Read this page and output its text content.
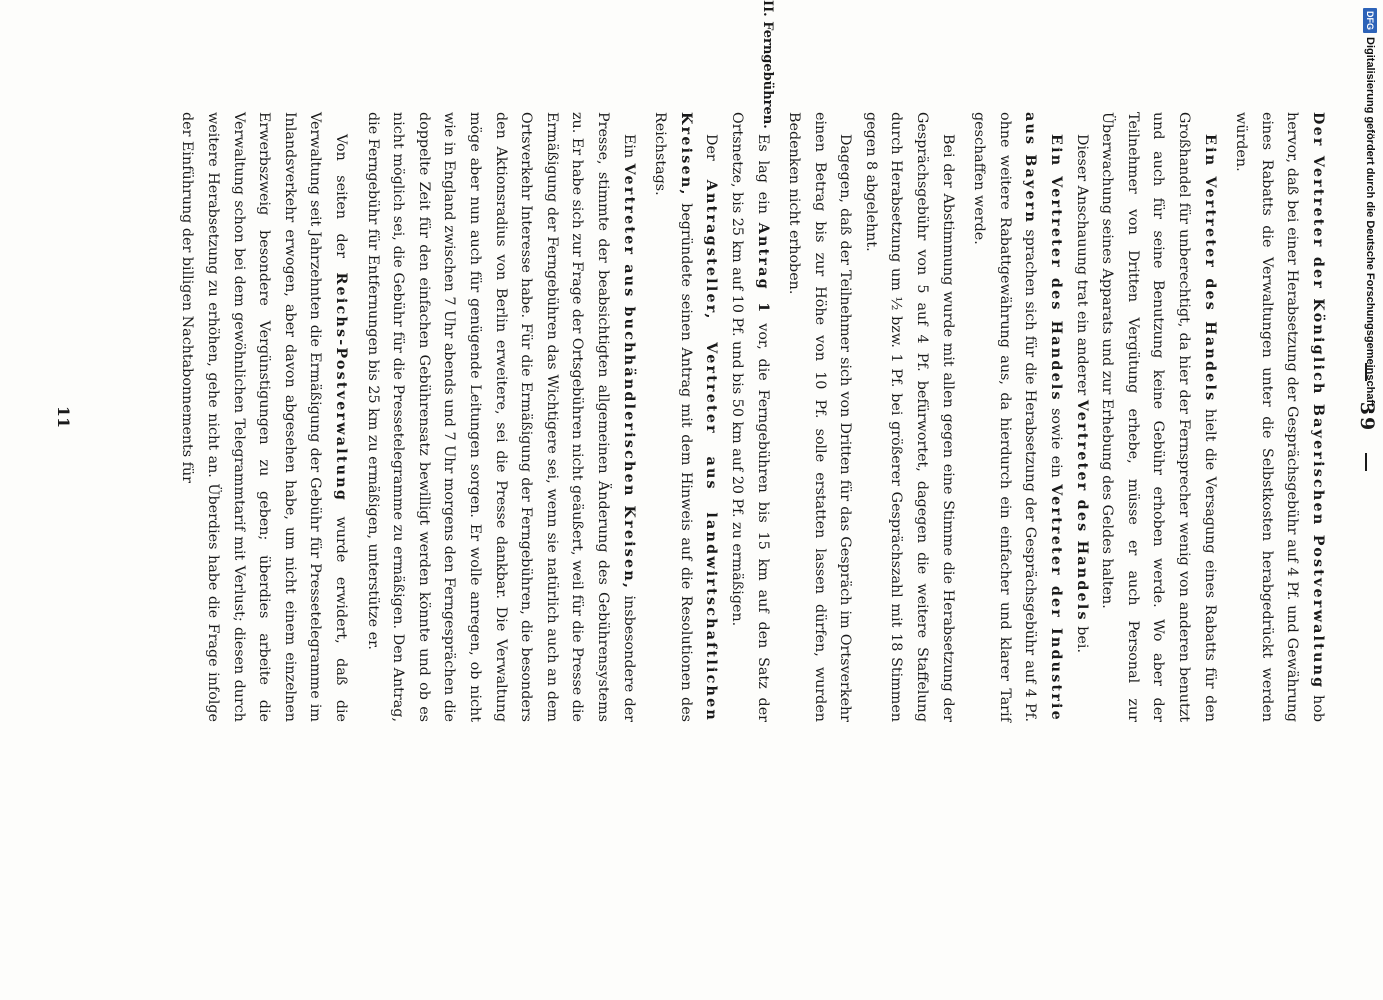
39

Der Vertreter der Königlich Bayerischen Postverwaltung hob hervor, daß bei einer Herabsetzung der Gesprächsgebühr auf 4 Pf. und Gewährung eines Rabatts die Verwaltungen unter die Selbstkosten herabgedrückt werden würden.

Ein Vertreter des Handels hielt die Versagung eines Rabatts für den Großhandel für unberechtigt, da hier der Fernsprecher wenig von anderen benutzt und auch für seine Benutzung keine Gebühr erhoben werde. Wo aber der Teilnehmer von Dritten Vergütung erhebe, müsse er auch Personal zur Überwachung seines Apparats und zur Erhebung des Geldes halten.

Dieser Anschauung trat ein anderer Vertreter des Handels bei.

Ein Vertreter des Handels sowie ein Vertreter der Industrie aus Bayern sprachen sich für die Herabsetzung der Gesprächsgebühr auf 4 Pf. ohne weitere Rabattgewährung aus, da hierdurch ein einfacher und klarer Tarif geschaffen werde.

Bei der Abstimmung wurde mit allen gegen eine Stimme die Herabsetzung der Gesprächsgebühr von 5 auf 4 Pf. befürwortet, dagegen die weitere Staffelung durch Herabsetzung um ½ bzw. 1 Pf. bei größerer Gesprächszahl mit 18 Stimmen gegen 8 abgelehnt.

Dagegen, daß der Teilnehmer sich von Dritten für das Gespräch im Ortsverkehr einen Betrag bis zur Höhe von 10 Pf. solle erstatten lassen dürfen, wurden Bedenken nicht erhoben.

II. Ferngebühren.

Es lag ein Antrag 1 vor, die Ferngebühren bis 15 km auf den Satz der Ortsnetze, bis 25 km auf 10 Pf. und bis 50 km auf 20 Pf. zu ermäßigen.

Der Antragsteller, Vertreter aus landwirtschaftlichen Kreisen, begründete seinen Antrag mit dem Hinweis auf die Resolutionen des Reichstags.

Ein Vertreter aus buchhändlerischen Kreisen, insbesondere der Presse, stimmte der beabsichtigten allgemeinen Änderung des Gebührensystems zu. Er habe sich zur Frage der Ortsgebühren nicht geäußert, weil für die Presse die Ermäßigung der Ferngebühren das Wichtigere sei, wenn sie natürlich auch an dem Ortsverkehr Interesse habe. Für die Ermäßigung der Ferngebühren, die besonders den Aktionsradius von Berlin erweitere, sei die Presse dankbar. Die Verwaltung möge aber nun auch für genügende Leitungen sorgen. Er wolle anregen, ob nicht wie in England zwischen 7 Uhr abends und 7 Uhr morgens den Ferngesprächen die doppelte Zeit für den einfachen Gebührensatz bewilligt werden könnte und ob es nicht möglich sei, die Gebühr für die Pressetelegramme zu ermäßigen. Den Antrag, die Ferngebühr für Entfernungen bis 25 km zu ermäßigen, unterstütze er.

Von seiten der Reichs-Postverwaltung wurde erwidert, daß die Verwaltung seit Jahrzehnten die Ermäßigung der Gebühr für Pressetelegramme im Inlandsverkehr erwogen, aber davon abgesehen habe, um nicht einem einzelnen Erwerbszweig besondere Vergünstigungen zu geben; überdies arbeite die Verwaltung schon bei dem gewöhnlichen Telegrammtarif mit Verlust; diesen durch weitere Herabsetzung zu erhöhen, gehe nicht an. Überdies habe die Frage infolge der Einführung der billigen Nachtabonnements für

11
DFG
Digitalisierung gefördert durch die Deutsche Forschungsgemeinschaft -
